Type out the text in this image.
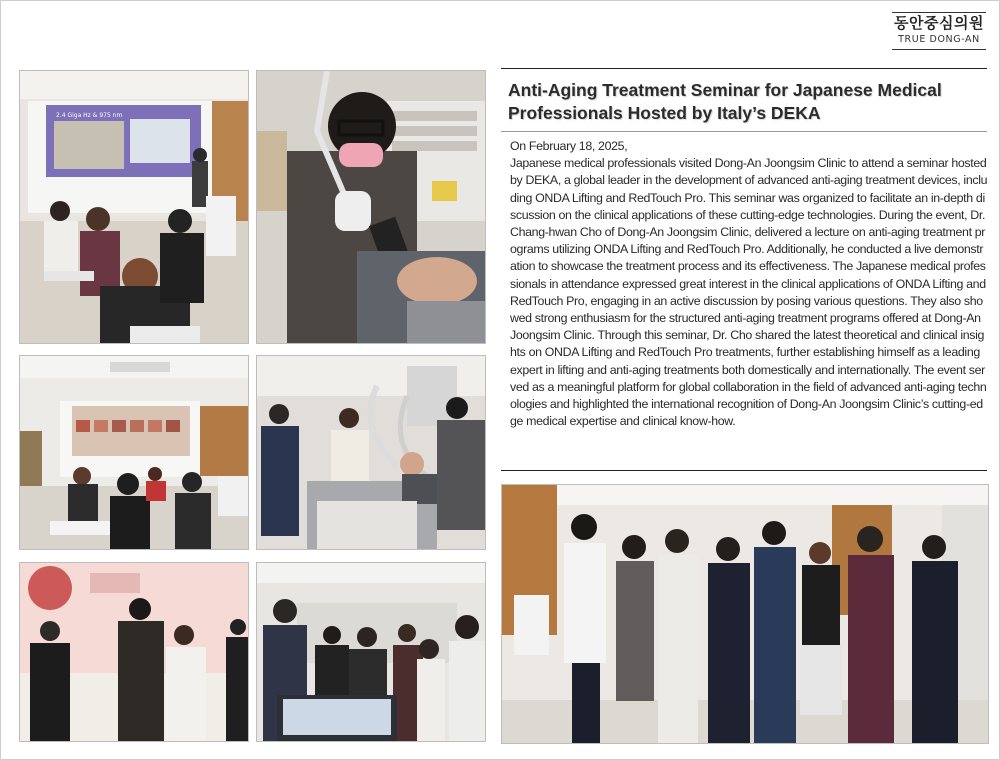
동안중심의원
TRUE DONG-AN
2.4 Giga Hz & 975 nm
Anti-Aging Treatment Seminar for Japanese Medical Professionals Hosted by Italy’s DEKA

On February 18, 2025,

Japanese medical professionals visited Dong-An Joongsim Clinic to attend a seminar hosted by DEKA, a global leader in the development of advanced anti-aging treatment devices, including ONDA Lifting and RedTouch Pro. This seminar was organized to facilitate an in-depth discussion on the clinical applications of these cutting-edge technologies. During the event, Dr. Chang-hwan Cho of Dong-An Joongsim Clinic, delivered a lecture on anti-aging treatment programs utilizing ONDA Lifting and RedTouch Pro. Additionally, he conducted a live demonstration to showcase the treatment process and its effectiveness. The Japanese medical professionals in attendance expressed great interest in the clinical applications of ONDA Lifting and RedTouch Pro, engaging in an active discussion by posing various questions. They also showed strong enthusiasm for the structured anti-aging treatment programs offered at Dong-An Joongsim Clinic. Through this seminar, Dr. Cho shared the latest theoretical and clinical insights on ONDA Lifting and RedTouch Pro treatments, further establishing himself as a leading expert in lifting and anti-aging treatments both domestically and internationally. The event served as a meaningful platform for global collaboration in the field of advanced anti-aging technologies and highlighted the international recognition of Dong-An Joongsim Clinic’s cutting-edge medical expertise and clinical know-how.
